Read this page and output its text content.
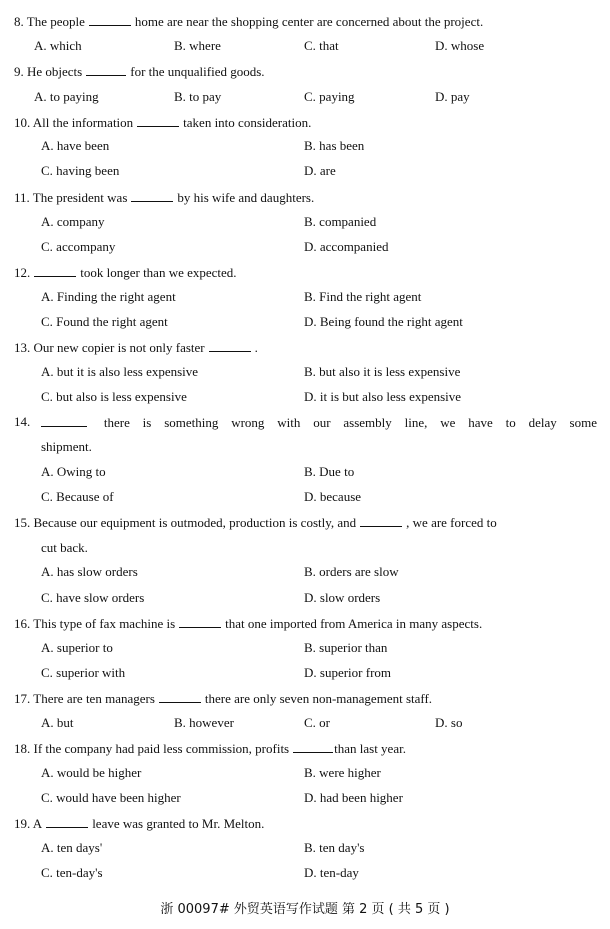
8. The people	home are near the shopping center are concerned about the project.
A. which	B. where	C. that	D. whose
9. He objects	for the unqualified goods.
A. to paying	B. to pay	C. paying	D. pay
10. All the information	taken into consideration.
A. have been	B. has been
C. having been	D. are
11. The president was	by his wife and daughters.
A. company	B. companied
C. accompany	D. accompanied
12.	took longer than we expected.
A. Finding the right agent	B. Find the right agent
C. Found the right agent	D. Being found the right agent
13. Our new copier is not only faster	.
A. but it is also less expensive	B. but also it is less expensive
C. but also is less expensive	D. it is but also less expensive
14.	there is something wrong with our assembly line, we have to delay some
shipment.
A. Owing to	B. Due to
C. Because of	D. because
15. Because our equipment is outmoded, production is costly, and	, we are forced to
cut back.
A. has slow orders	B. orders are slow
C. have slow orders	D. slow orders
16. This type of fax machine is	that one imported from America in many aspects.
A. superior to	B. superior than
C. superior with	D. superior from
17. There are ten managers	there are only seven non-management staff.
A. but	B. however	C. or	D. so
18. If the company had paid less commission, profits	than last year.
A. would be higher	B. were higher
C. would have been higher	D. had been higher
19. A	leave was granted to Mr. Melton.
A. ten days'	B. ten day's
C. ten-day's	D. ten-day
浙 00097# 外贸英语写作试题 第 2 页 ( 共 5 页 )
